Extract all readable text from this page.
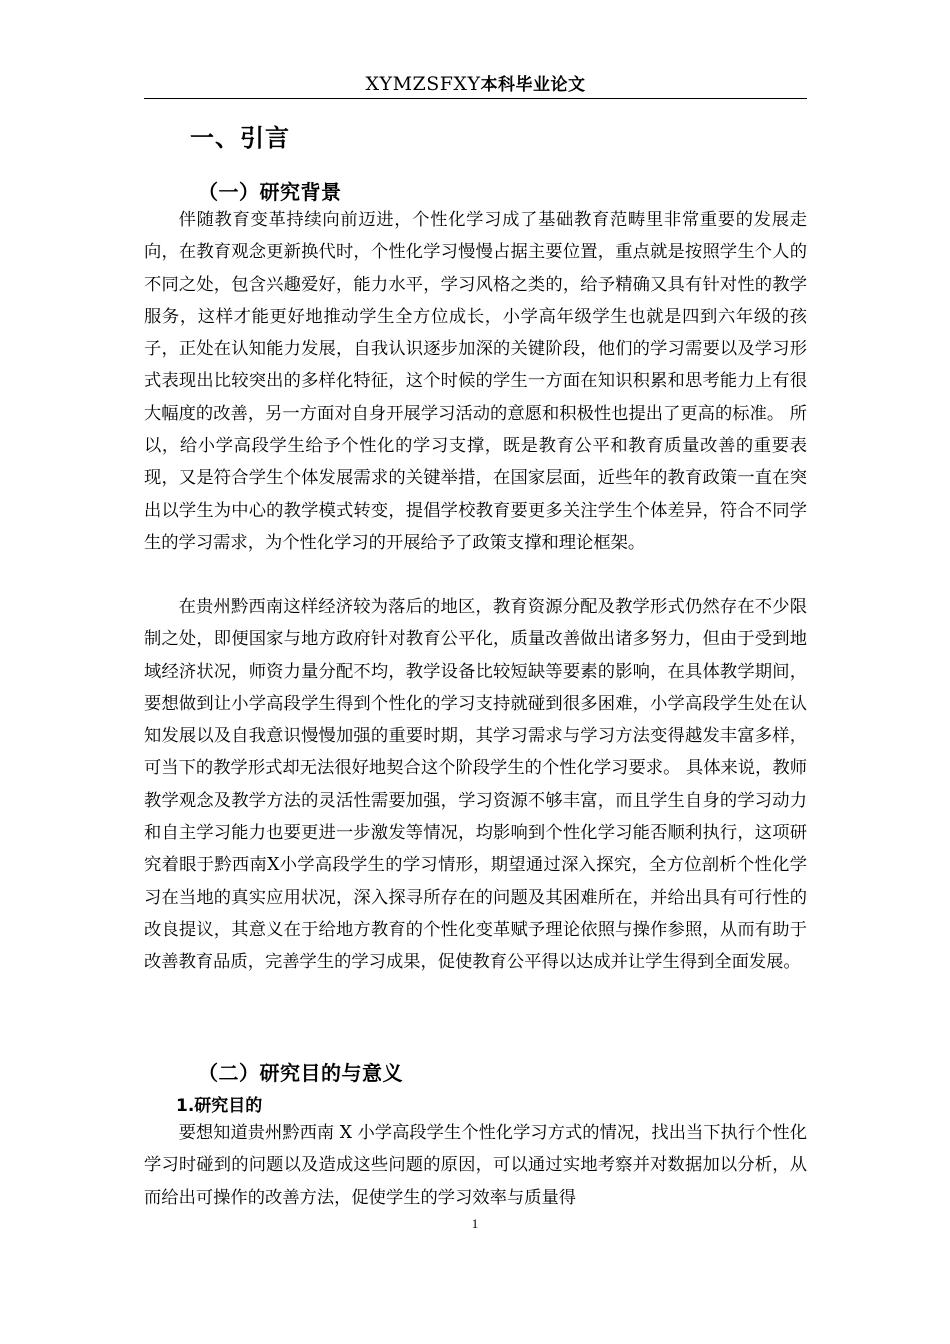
XYMZSFXY本科毕业论文
一、引言
（一）研究背景

伴随教育变革持续向前迈进，个性化学习成了基础教育范畴里非常重要的发展走向，在教育观念更新换代时，个性化学习慢慢占据主要位置，重点就是按照学生个人的不同之处，包含兴趣爱好，能力水平，学习风格之类的，给予精确又具有针对性的教学服务，这样才能更好地推动学生全方位成长，小学高年级学生也就是四到六年级的孩子，正处在认知能力发展，自我认识逐步加深的关键阶段，他们的学习需要以及学习形式表现出比较突出的多样化特征，这个时候的学生一方面在知识积累和思考能力上有很大幅度的改善，另一方面对自身开展学习活动的意愿和积极性也提出了更高的标准。 所以，给小学高段学生给予个性化的学习支撑，既是教育公平和教育质量改善的重要表现，又是符合学生个体发展需求的关键举措，在国家层面，近些年的教育政策一直在突出以学生为中心的教学模式转变，提倡学校教育要更多关注学生个体差异，符合不同学生的学习需求，为个性化学习的开展给予了政策支撑和理论框架。

在贵州黔西南这样经济较为落后的地区，教育资源分配及教学形式仍然存在不少限制之处，即便国家与地方政府针对教育公平化，质量改善做出诸多努力，但由于受到地域经济状况，师资力量分配不均，教学设备比较短缺等要素的影响，在具体教学期间，要想做到让小学高段学生得到个性化的学习支持就碰到很多困难，小学高段学生处在认知发展以及自我意识慢慢加强的重要时期，其学习需求与学习方法变得越发丰富多样，可当下的教学形式却无法很好地契合这个阶段学生的个性化学习要求。 具体来说，教师教学观念及教学方法的灵活性需要加强，学习资源不够丰富，而且学生自身的学习动力和自主学习能力也要更进一步激发等情况，均影响到个性化学习能否顺利执行，这项研究着眼于黔西南X小学高段学生的学习情形，期望通过深入探究，全方位剖析个性化学习在当地的真实应用状况，深入探寻所存在的问题及其困难所在，并给出具有可行性的改良提议，其意义在于给地方教育的个性化变革赋予理论依照与操作参照，从而有助于改善教育品质，完善学生的学习成果，促使教育公平得以达成并让学生得到全面发展。

（二）研究目的与意义
1.研究目的

要想知道贵州黔西南 X 小学高段学生个性化学习方式的情况，找出当下执行个性化学习时碰到的问题以及造成这些问题的原因，可以通过实地考察并对数据加以分析，从而给出可操作的改善方法，促使学生的学习效率与质量得

1
